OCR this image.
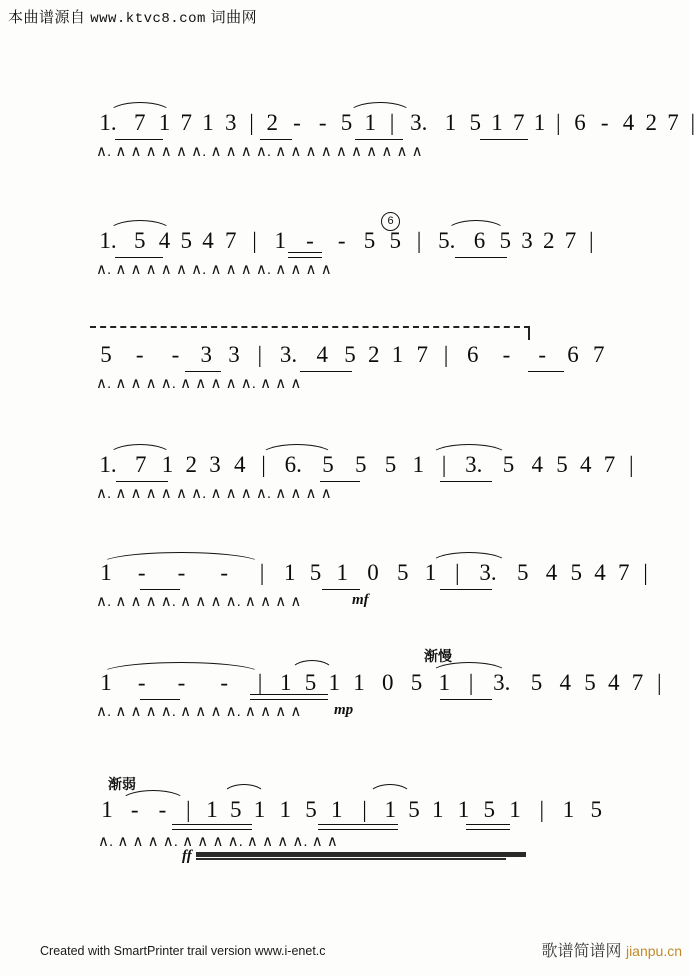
本曲谱源自 www.ktvc8.com 词曲网
1. 7 1 7 1 3 | 2 - - 5 1 | 3. 1 5 1 7 1 | 6 - 4 2 7 |
∧. ∧ ∧ ∧ ∧ ∧ ∧. ∧ ∧ ∧ ∧. ∧ ∧ ∧ ∧ ∧ ∧ ∧ ∧ ∧ ∧
6
1. 5 4 5 4 7 | 1 - - 5 5 | 5. 6 5 3 2 7 |
∧. ∧ ∧ ∧ ∧ ∧ ∧. ∧ ∧ ∧ ∧. ∧ ∧ ∧ ∧
5 - - 3 3 | 3. 4 5 2 1 7 | 6 - - 6 7
∧. ∧ ∧ ∧ ∧. ∧ ∧ ∧ ∧ ∧. ∧ ∧ ∧
1. 7 1 2 3 4 | 6. 5 5 5 1 | 3. 5 4 5 4 7 |
∧. ∧ ∧ ∧ ∧ ∧ ∧. ∧ ∧ ∧ ∧. ∧ ∧ ∧ ∧
1 - - - | 1 5 1 0 5 1 | 3. 5 4 5 4 7 |
mf
∧. ∧ ∧ ∧ ∧. ∧ ∧ ∧ ∧. ∧ ∧ ∧ ∧
渐慢
1 - - - | 1 5 1 1 0 5 1 | 3. 5 4 5 4 7 |
mp
∧. ∧ ∧ ∧ ∧. ∧ ∧ ∧ ∧. ∧ ∧ ∧ ∧
渐弱
1 - - | 1 5 1 1 5 1 | 1 5 1 1 5 1 | 1 5
∧. ∧ ∧ ∧ ∧. ∧ ∧ ∧ ∧. ∧ ∧ ∧ ∧. ∧ ∧
ff
Created with SmartPrinter trail version www.i-enet.c	歌谱简谱网 jianpu.cn
